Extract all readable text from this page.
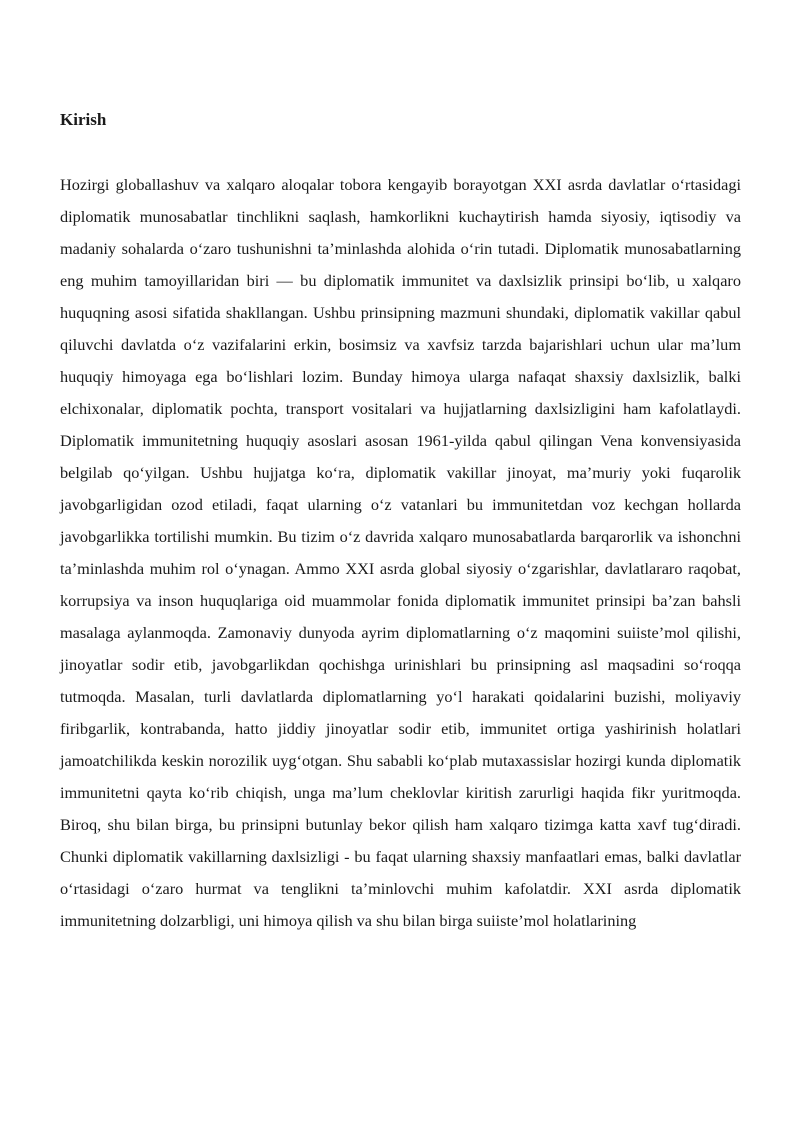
Kirish

Hozirgi globallashuv va xalqaro aloqalar tobora kengayib borayotgan XXI asrda davlatlar o‘rtasidagi diplomatik munosabatlar tinchlikni saqlash, hamkorlikni kuchaytirish hamda siyosiy, iqtisodiy va madaniy sohalarda o‘zaro tushunishni ta’minlashda alohida o‘rin tutadi. Diplomatik munosabatlarning eng muhim tamoyillaridan biri — bu diplomatik immunitet va daxlsizlik prinsipi bo‘lib, u xalqaro huquqning asosi sifatida shakllangan. Ushbu prinsipning mazmuni shundaki, diplomatik vakillar qabul qiluvchi davlatda o‘z vazifalarini erkin, bosimsiz va xavfsiz tarzda bajarishlari uchun ular ma’lum huquqiy himoyaga ega bo‘lishlari lozim. Bunday himoya ularga nafaqat shaxsiy daxlsizlik, balki elchixonalar, diplomatik pochta, transport vositalari va hujjatlarning daxlsizligini ham kafolatlaydi. Diplomatik immunitetning huquqiy asoslari asosan 1961-yilda qabul qilingan Vena konvensiyasida belgilab qo‘yilgan. Ushbu hujjatga ko‘ra, diplomatik vakillar jinoyat, ma’muriy yoki fuqarolik javobgarligidan ozod etiladi, faqat ularning o‘z vatanlari bu immunitetdan voz kechgan hollarda javobgarlikka tortilishi mumkin. Bu tizim o‘z davrida xalqaro munosabatlarda barqarorlik va ishonchni ta’minlashda muhim rol o‘ynagan. Ammo XXI asrda global siyosiy o‘zgarishlar, davlatlararo raqobat, korrupsiya va inson huquqlariga oid muammolar fonida diplomatik immunitet prinsipi ba’zan bahsli masalaga aylanmoqda. Zamonaviy dunyoda ayrim diplomatlarning o‘z maqomini suiiste’mol qilishi, jinoyatlar sodir etib, javobgarlikdan qochishga urinishlari bu prinsipning asl maqsadini so‘roqqa tutmoqda. Masalan, turli davlatlarda diplomatlarning yo‘l harakati qoidalarini buzishi, moliyaviy firibgarlik, kontrabanda, hatto jiddiy jinoyatlar sodir etib, immunitet ortiga yashirinish holatlari jamoatchilikda keskin norozilik uyg‘otgan. Shu sababli ko‘plab mutaxassislar hozirgi kunda diplomatik immunitetni qayta ko‘rib chiqish, unga ma’lum cheklovlar kiritish zarurligi haqida fikr yuritmoqda. Biroq, shu bilan birga, bu prinsipni butunlay bekor qilish ham xalqaro tizimga katta xavf tug‘diradi. Chunki diplomatik vakillarning daxlsizligi - bu faqat ularning shaxsiy manfaatlari emas, balki davlatlar o‘rtasidagi o‘zaro hurmat va tenglikni ta’minlovchi muhim kafolatdir. XXI asrda diplomatik immunitetning dolzarbligi, uni himoya qilish va shu bilan birga suiiste’mol holatlarining
